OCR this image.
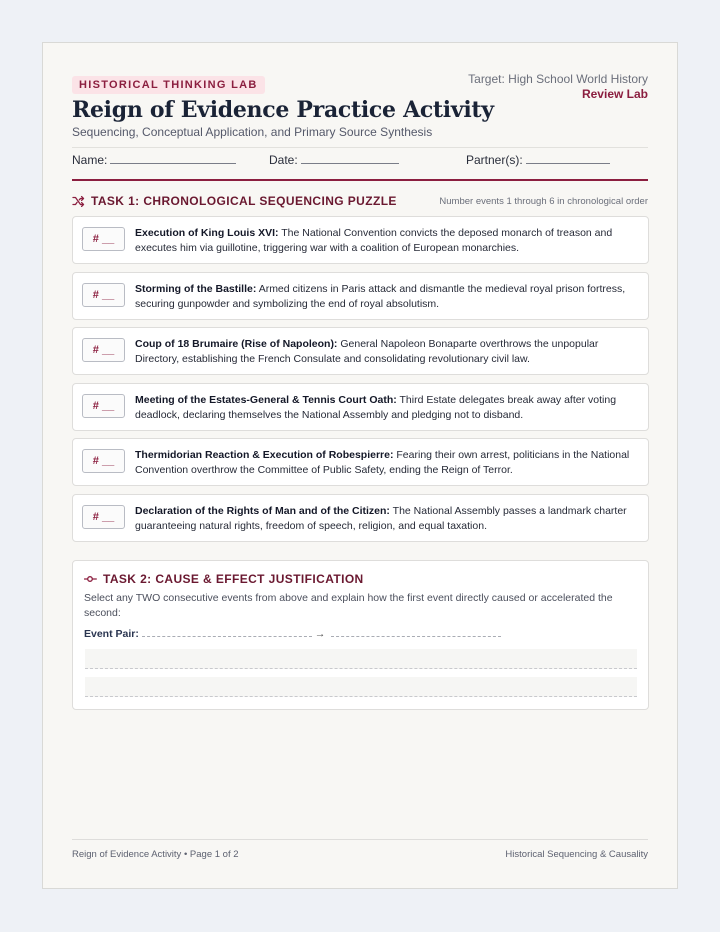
HISTORICAL THINKING LAB	Target: High School World History
Review Lab
Reign of Evidence Practice Activity
Sequencing, Conceptual Application, and Primary Source Synthesis
Name:	Date:	Partner(s):
TASK 1: CHRONOLOGICAL SEQUENCING PUZZLE	Number events 1 through 6 in chronological order
# __	Execution of King Louis XVI: The National Convention convicts the deposed monarch of treason and executes him via guillotine, triggering war with a coalition of European monarchies.
# __	Storming of the Bastille: Armed citizens in Paris attack and dismantle the medieval royal prison fortress, securing gunpowder and symbolizing the end of royal absolutism.
# __	Coup of 18 Brumaire (Rise of Napoleon): General Napoleon Bonaparte overthrows the unpopular Directory, establishing the French Consulate and consolidating revolutionary civil law.
# __	Meeting of the Estates-General & Tennis Court Oath: Third Estate delegates break away after voting deadlock, declaring themselves the National Assembly and pledging not to disband.
# __	Thermidorian Reaction & Execution of Robespierre: Fearing their own arrest, politicians in the National Convention overthrow the Committee of Public Safety, ending the Reign of Terror.
# __	Declaration of the Rights of Man and of the Citizen: The National Assembly passes a landmark charter guaranteeing natural rights, freedom of speech, religion, and equal taxation.
TASK 2: CAUSE & EFFECT JUSTIFICATION
Select any TWO consecutive events from above and explain how the first event directly caused or accelerated the second:
Event Pair:	→
Reign of Evidence Activity • Page 1 of 2	Historical Sequencing & Causality
